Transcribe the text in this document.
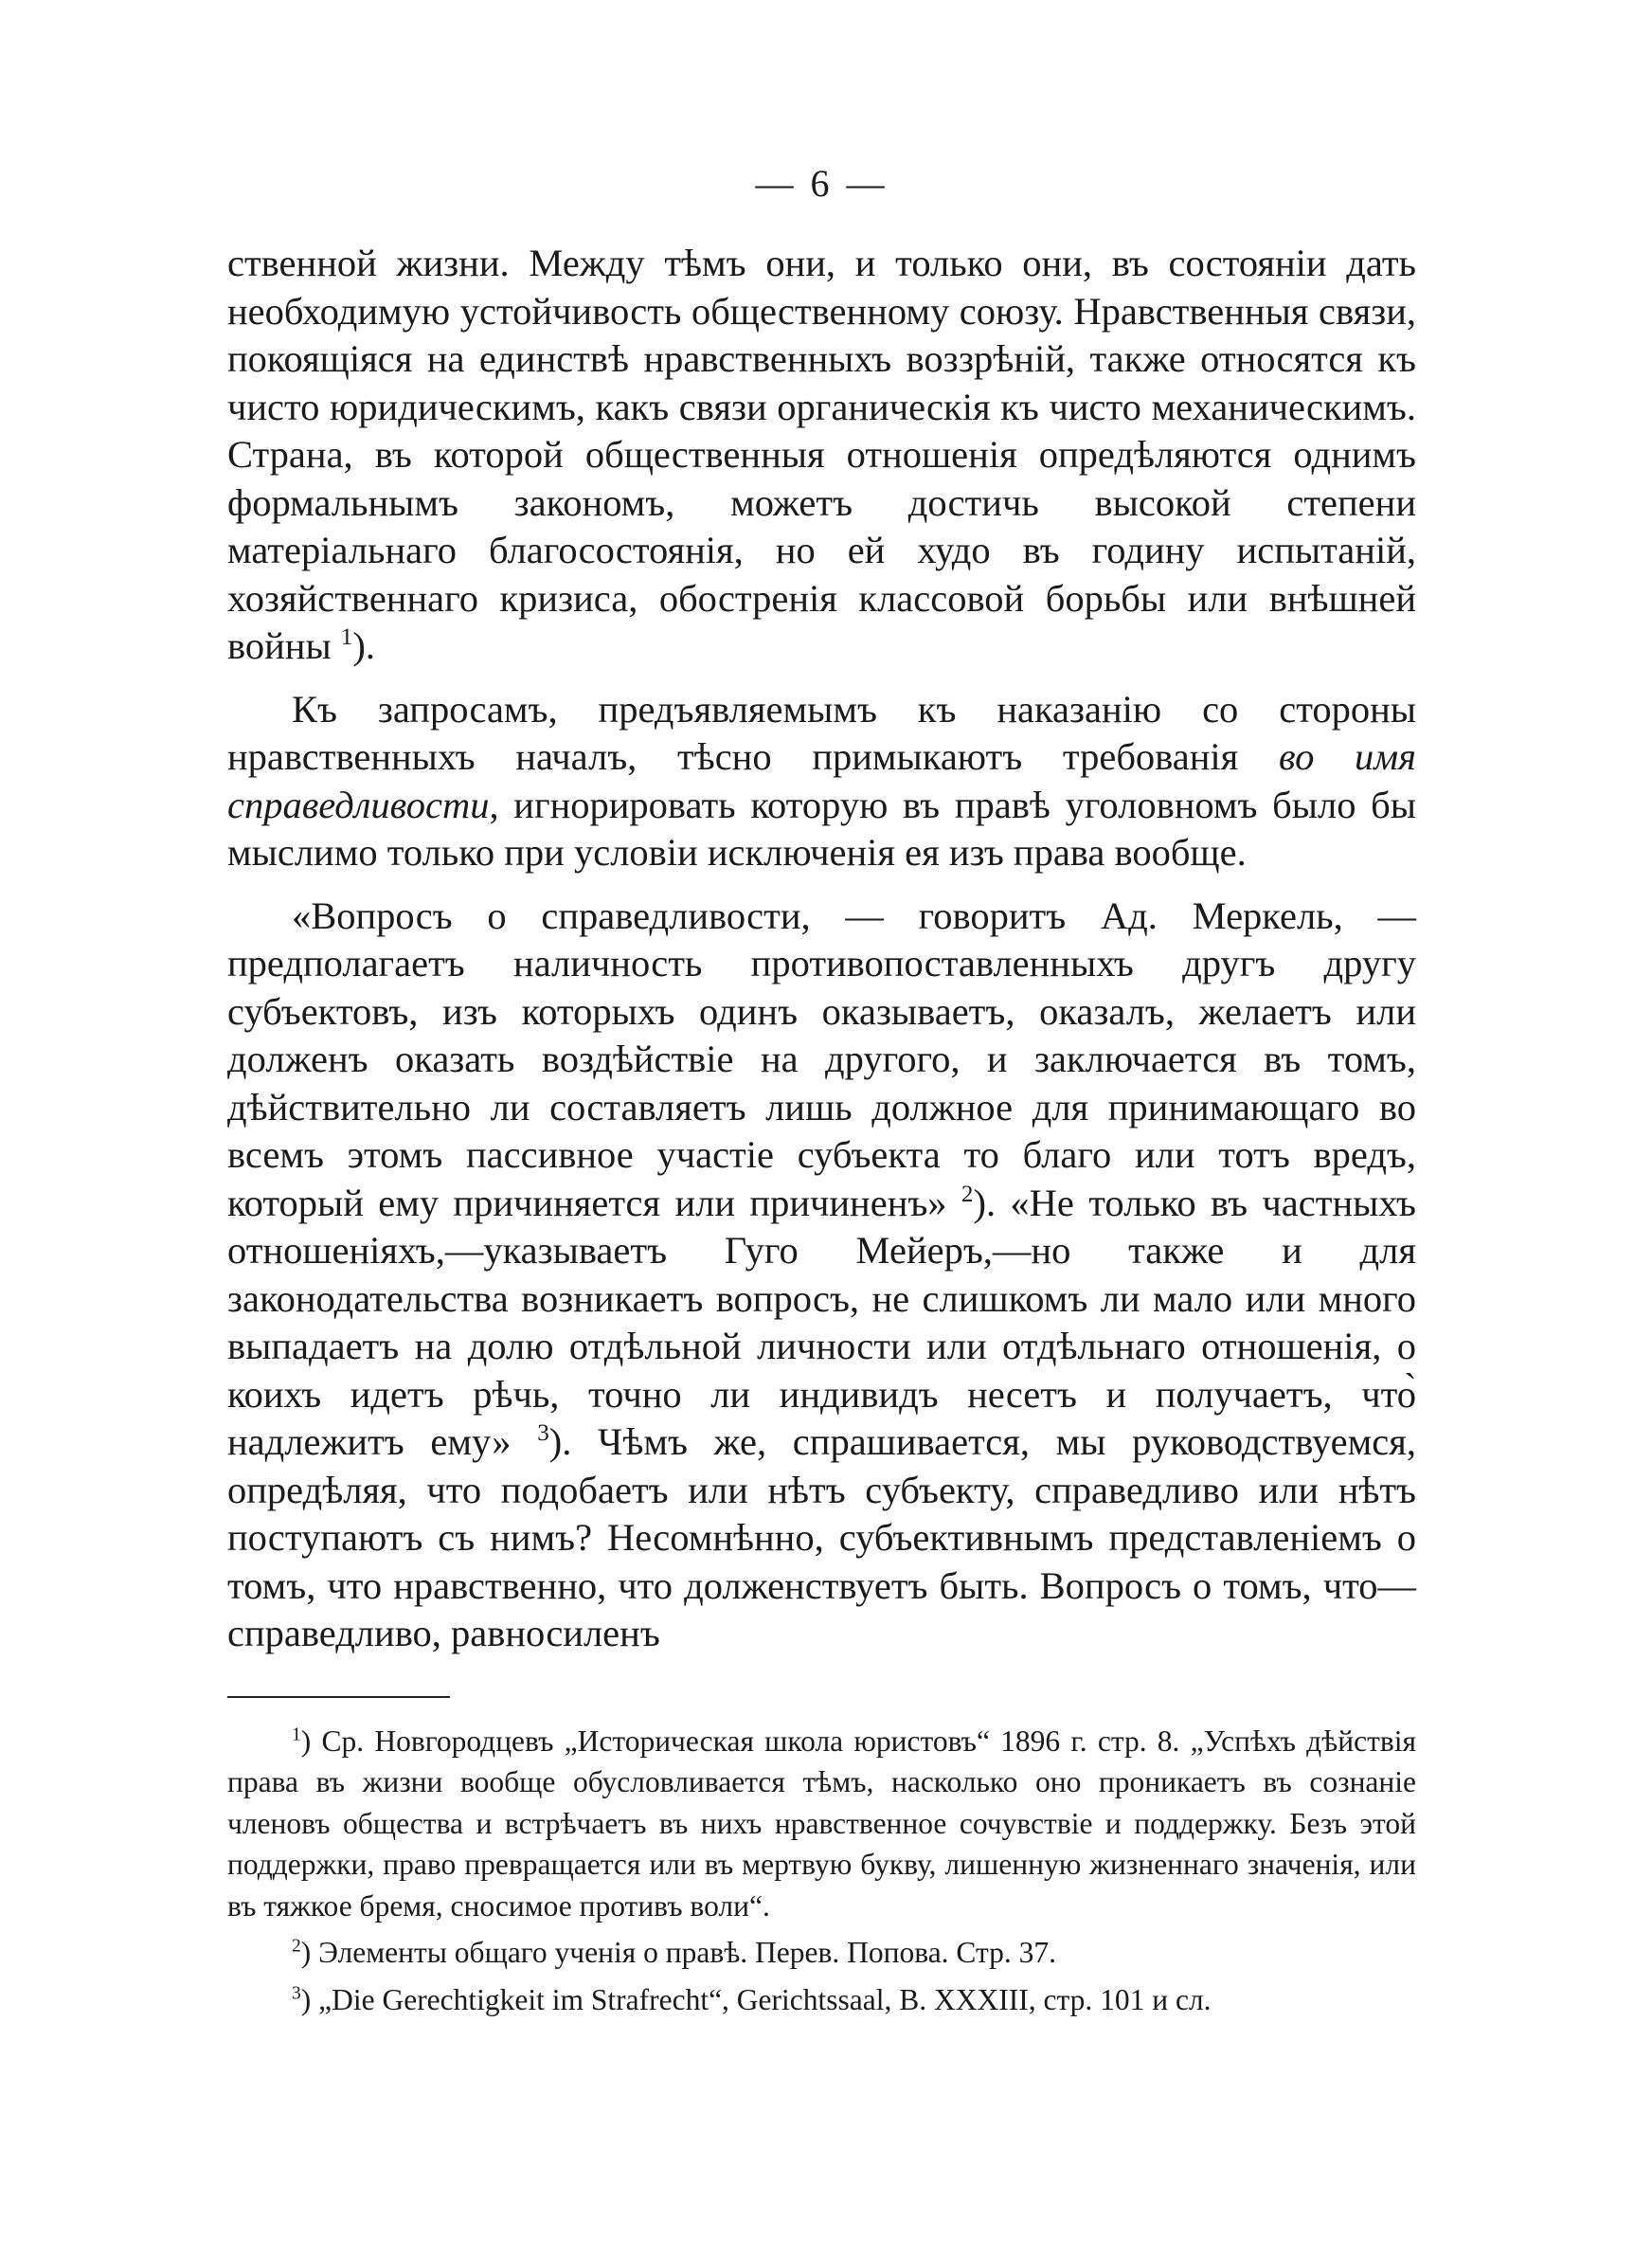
— 6 —

ственной жизни. Между тѣмъ они, и только они, въ состояніи дать необходимую устойчивость общественному союзу. Нравственныя связи, покоящіяся на единствѣ нравственныхъ воззрѣній, также относятся къ чисто юридическимъ, какъ связи органическія къ чисто механическимъ. Страна, въ которой общественныя отношенія опредѣляются однимъ формальнымъ закономъ, можетъ достичь высокой степени матеріальнаго благосостоянія, но ей худо въ годину испытаній, хозяйственнаго кризиса, обостренія классовой борьбы или внѣшней войны $^1$).

Къ запросамъ, предъявляемымъ къ наказанію со стороны нравственныхъ началъ, тѣсно примыкаютъ требованія во имя справедливости, игнорировать которую въ правѣ уголовномъ было бы мыслимо только при условіи исключенія ея изъ права вообще.

«Вопросъ о справедливости, — говоритъ Ад. Меркель, — предполагаетъ наличность противопоставленныхъ другъ другу субъектовъ, изъ которыхъ одинъ оказываетъ, оказалъ, желаетъ или долженъ оказать воздѣйствіе на другого, и заключается въ томъ, дѣйствительно ли составляетъ лишь должное для принимающаго во всемъ этомъ пассивное участіе субъекта то благо или тотъ вредъ, который ему причиняется или причиненъ» $^2$). «Не только въ частныхъ отношеніяхъ,—указываетъ Гуго Мейеръ,—но также и для законодательства возникаетъ вопросъ, не слишкомъ ли мало или много выпадаетъ на долю отдѣльной личности или отдѣльнаго отношенія, о коихъ идетъ рѣчь, точно ли индивидъ несетъ и получаетъ, что̀ надлежитъ ему» $^3$). Чѣмъ же, спрашивается, мы руководствуемся, опредѣляя, что подобаетъ или нѣтъ субъекту, справедливо или нѣтъ поступаютъ съ нимъ? Несомнѣнно, субъективнымъ представленіемъ о томъ, что нравственно, что долженствуетъ быть. Вопросъ о томъ, что—справедливо, равносиленъ

$^1$) Ср. Новгородцевъ „Историческая школа юристовъ“ 1896 г. стр. 8. „Успѣхъ дѣйствія права въ жизни вообще обусловливается тѣмъ, насколько оно проникаетъ въ сознаніе членовъ общества и встрѣчаетъ въ нихъ нравственное сочувствіе и поддержку. Безъ этой поддержки, право превращается или въ мертвую букву, лишенную жизненнаго значенія, или въ тяжкое бремя, сносимое противъ воли“.

$^2$) Элементы общаго ученія о правѣ. Перев. Попова. Стр. 37.

$^3$) „Die Gerechtigkeit im Strafrecht“, Gerichtssaal, B. XXXIII, стр. 101 и сл.
